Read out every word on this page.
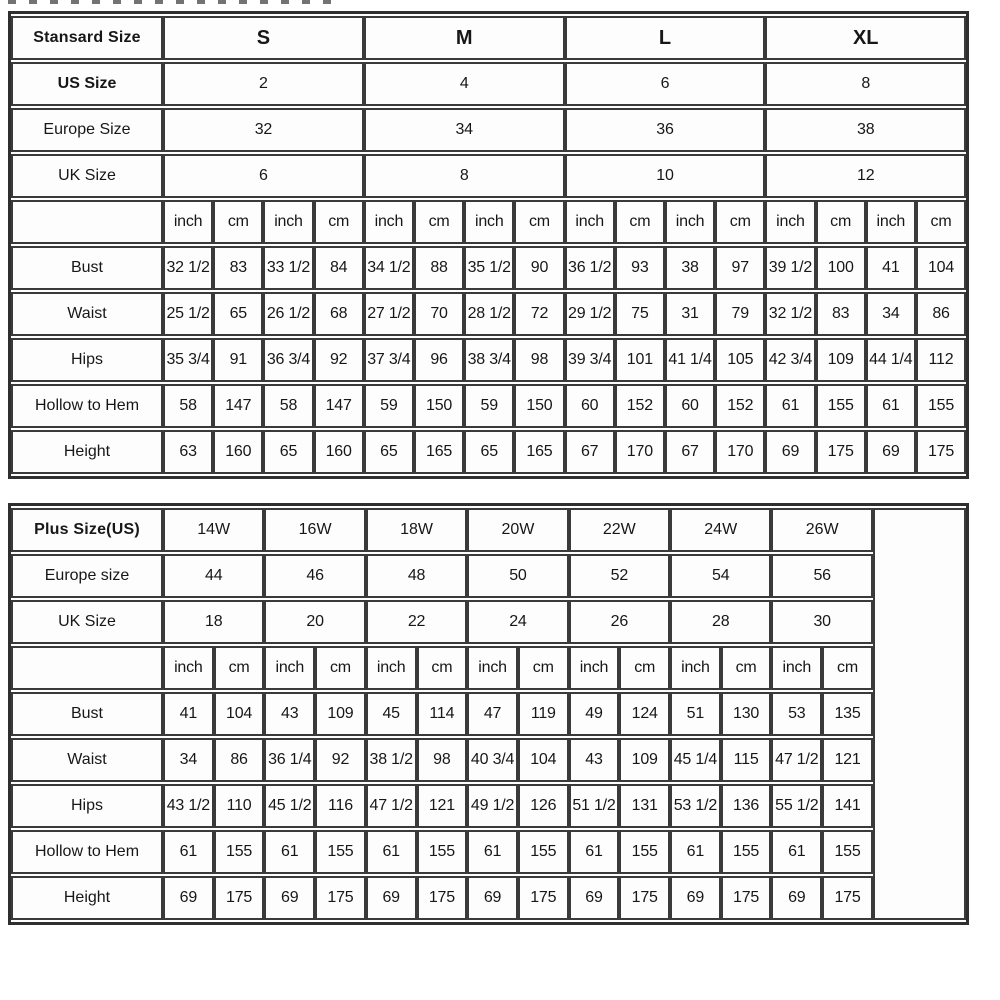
Stansard Size	S				M				L				XL				
US Size	2				4				6				8				
Europe Size	32				34				36				38				
UK Size	6				8				10				12				
	inch	cm	inch	cm	inch	cm	inch	cm	inch	cm	inch	cm	inch	cm	inch	cm	
Bust	32 1/2	83	33 1/2	84	34 1/2	88	35 1/2	90	36 1/2	93	38	97	39 1/2	100	41	104	
Waist	25 1/2	65	26 1/2	68	27 1/2	70	28 1/2	72	29 1/2	75	31	79	32 1/2	83	34	86	
Hips	35 3/4	91	36 3/4	92	37 3/4	96	38 3/4	98	39 3/4	101	41 1/4	105	42 3/4	109	44 1/4	112	
Hollow to Hem	58	147	58	147	59	150	59	150	60	152	60	152	61	155	61	155	
Height	63	160	65	160	65	165	65	165	67	170	67	170	69	175	69	175	
Plus Size(US)	14W		16W		18W		20W		22W		24W		26W		
Europe size	44		46		48		50		52		54		56		
UK Size	18		20		22		24		26		28		30		
	inch	cm	inch	cm	inch	cm	inch	cm	inch	cm	inch	cm	inch	cm	
Bust	41	104	43	109	45	114	47	119	49	124	51	130	53	135	
Waist	34	86	36 1/4	92	38 1/2	98	40 3/4	104	43	109	45 1/4	115	47 1/2	121	
Hips	43 1/2	110	45 1/2	116	47 1/2	121	49 1/2	126	51 1/2	131	53 1/2	136	55 1/2	141	
Hollow to Hem	61	155	61	155	61	155	61	155	61	155	61	155	61	155	
Height	69	175	69	175	69	175	69	175	69	175	69	175	69	175	
